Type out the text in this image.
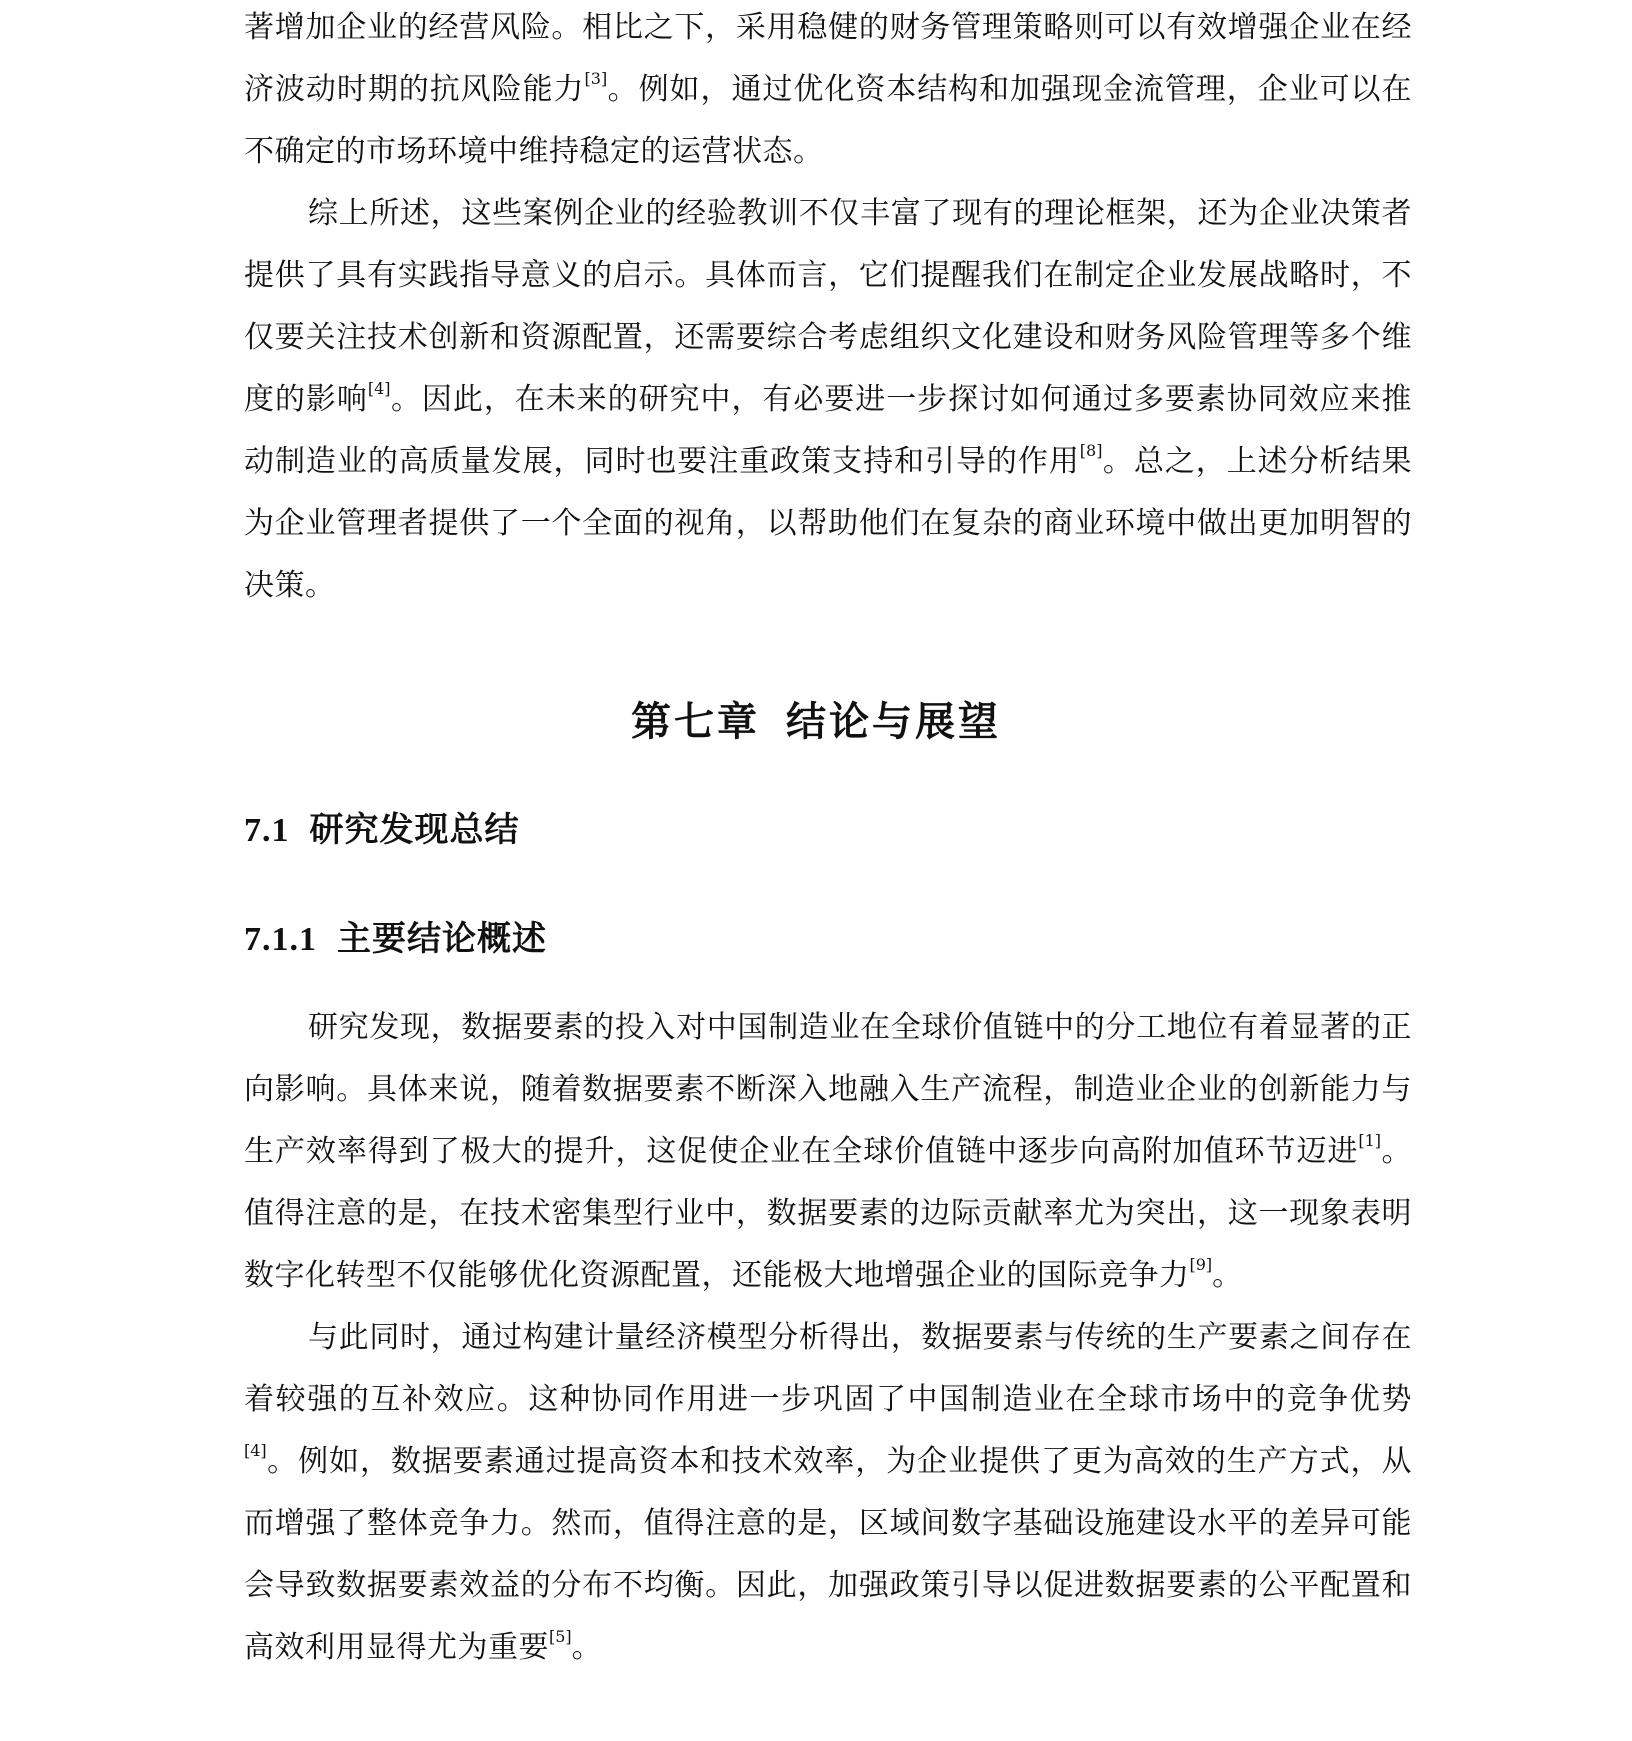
著增加企业的经营风险。相比之下，采用稳健的财务管理策略则可以有效增强企业在经济波动时期的抗风险能力[3]。例如，通过优化资本结构和加强现金流管理，企业可以在不确定的市场环境中维持稳定的运营状态。

综上所述，这些案例企业的经验教训不仅丰富了现有的理论框架，还为企业决策者提供了具有实践指导意义的启示。具体而言，它们提醒我们在制定企业发展战略时，不仅要关注技术创新和资源配置，还需要综合考虑组织文化建设和财务风险管理等多个维度的影响[4]。因此，在未来的研究中，有必要进一步探讨如何通过多要素协同效应来推动制造业的高质量发展，同时也要注重政策支持和引导的作用[8]。总之，上述分析结果为企业管理者提供了一个全面的视角，以帮助他们在复杂的商业环境中做出更加明智的决策。

第七章 结论与展望
7.1 研究发现总结
7.1.1 主要结论概述

研究发现，数据要素的投入对中国制造业在全球价值链中的分工地位有着显著的正向影响。具体来说，随着数据要素不断深入地融入生产流程，制造业企业的创新能力与生产效率得到了极大的提升，这促使企业在全球价值链中逐步向高附加值环节迈进[1]。值得注意的是，在技术密集型行业中，数据要素的边际贡献率尤为突出，这一现象表明数字化转型不仅能够优化资源配置，还能极大地增强企业的国际竞争力[9]。

与此同时，通过构建计量经济模型分析得出，数据要素与传统的生产要素之间存在着较强的互补效应。这种协同作用进一步巩固了中国制造业在全球市场中的竞争优势[4]。例如，数据要素通过提高资本和技术效率，为企业提供了更为高效的生产方式，从而增强了整体竞争力。然而，值得注意的是，区域间数字基础设施建设水平的差异可能会导致数据要素效益的分布不均衡。因此，加强政策引导以促进数据要素的公平配置和高效利用显得尤为重要[5]。
